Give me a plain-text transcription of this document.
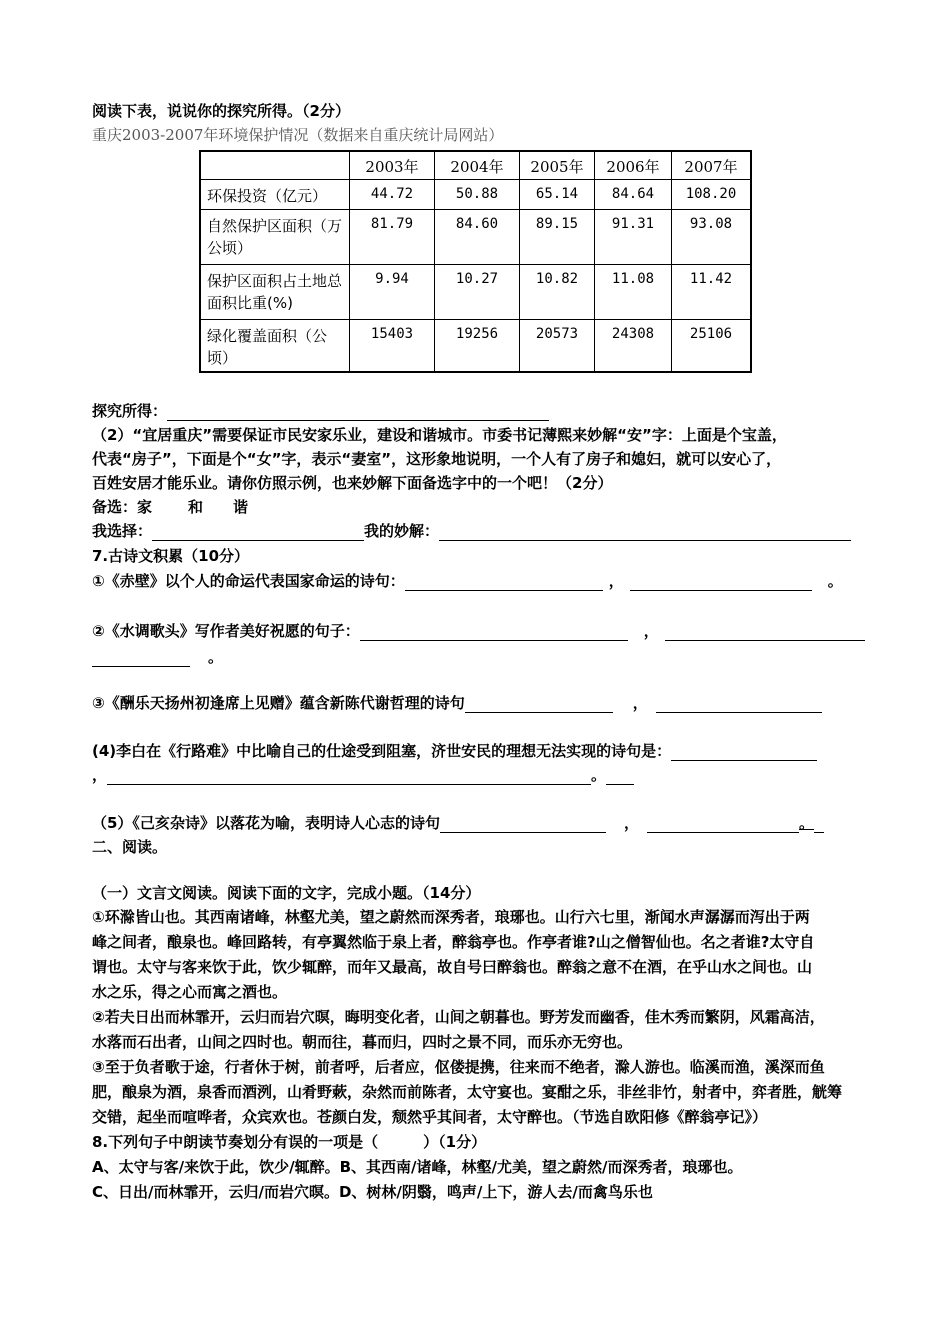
阅读下表，说说你的探究所得。（2分）
重庆2003-2007年环境保护情况（数据来自重庆统计局网站）
	2003年	2004年	2005年	2006年	2007年
环保投资（亿元）	44.72	50.88	65.14	84.64	108.20
自然保护区面积（万公顷）	81.79	84.60	89.15	91.31	93.08
保护区面积占土地总面积比重(%)	9.94	10.27	10.82	11.08	11.42
绿化覆盖面积（公顷）	15403	19256	20573	24308	25106
探究所得：
（2）“宜居重庆”需要保证市民安家乐业，建设和谐城市。市委书记薄熙来妙解“安”字：上面是个宝盖，
代表“房子”，下面是个“女”字，表示“妻室”，这形象地说明，一个人有了房子和媳妇，就可以安心了，
百姓安居才能乐业。请你仿照示例，也来妙解下面备选字中的一个吧！（2分）
备选：家 和 谐
我选择：	我的妙解：
7.古诗文积累（10分）
①《赤壁》以个人的命运代表国家命运的诗句：	，	。
②《水调歌头》写作者美好祝愿的句子：	，
。
③《酬乐天扬州初逢席上见赠》蕴含新陈代谢哲理的诗句	，
(4)李白在《行路难》中比喻自己的仕途受到阻塞，济世安民的理想无法实现的诗句是：
，	。
（5）《己亥杂诗》以落花为喻，表明诗人心志的诗句	，	。
二、阅读。
（一）文言文阅读。阅读下面的文字，完成小题。（14分）
①环滁皆山也。其西南诸峰，林壑尤美，望之蔚然而深秀者，琅琊也。山行六七里，渐闻水声潺潺而泻出于两
峰之间者，酿泉也。峰回路转，有亭翼然临于泉上者，醉翁亭也。作亭者谁?山之僧智仙也。名之者谁?太守自
谓也。太守与客来饮于此，饮少辄醉，而年又最高，故自号曰醉翁也。醉翁之意不在酒，在乎山水之间也。山
水之乐，得之心而寓之酒也。
②若夫日出而林霏开，云归而岩穴暝，晦明变化者，山间之朝暮也。野芳发而幽香，佳木秀而繁阴，风霜高洁，
水落而石出者，山间之四时也。朝而往，暮而归，四时之景不同，而乐亦无穷也。
③至于负者歌于途，行者休于树，前者呼，后者应，伛偻提携，往来而不绝者，滁人游也。临溪而渔，溪深而鱼
肥，酿泉为酒，泉香而酒洌，山肴野蔌，杂然而前陈者，太守宴也。宴酣之乐，非丝非竹，射者中，弈者胜，觥筹
交错，起坐而喧哗者，众宾欢也。苍颜白发，颓然乎其间者，太守醉也。（节选自欧阳修《醉翁亭记》）
8.下列句子中朗读节奏划分有误的一项是（　　　）（1分）
A、太守与客/来饮于此，饮少/辄醉。B、其西南/诸峰，林壑/尤美，望之蔚然/而深秀者，琅琊也。
C、日出/而林霏开，云归/而岩穴暝。D、树林/阴翳，鸣声/上下，游人去/而禽鸟乐也
